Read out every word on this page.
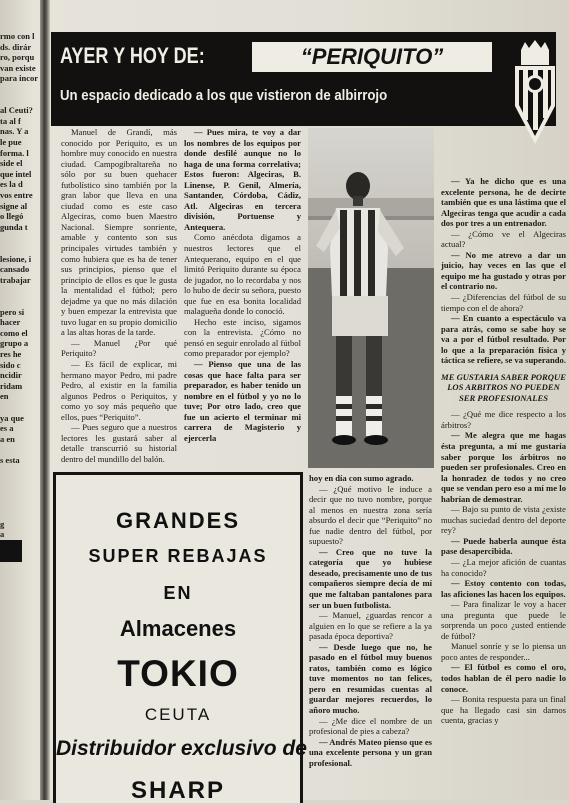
rmo con l
ds. dirár
ro, porqu
van existe
para incor
al Ceuti?
ta al f
nas. Y a
le pue
forma. l
side el
que intel
es la d
vos entre
signe al
o llegó
gunda t
lesione, i
cansado
trabajar
pero si
hacer
como el
grupo a
res he
sido c
ncidir
ridam
en
ya que
es a
a en
s esta
g
a
AYER Y HOY DE:	“PERIQUITO”
Un espacio dedicado a los que vistieron de albirrojo

Manuel de Grandí, más conocido por Periquito, es un hombre muy conocido en nuestra ciudad. Campogibraltareña no sólo por su buen quehacer futbolístico sino también por la gran labor que lleva en una ciudad como es este caso Algeciras, como buen Maestro Nacional. Siempre sonriente, amable y contento son sus principales virtudes también y como hubiera que es ha de tener sus principios, pienso que el principio de ellos es que le gusta la mentalidad el fútbol; pero dejadme ya que no más dilación y buen empezar la entrevista que tuvo lugar en su propio domicilio a las altas horas de la tarde.

— Manuel ¿Por qué Periquito?

— Es fácil de explicar, mi hermano mayor Pedro, mi padre Pedro, al existir en la familia algunos Pedros o Periquitos, y como yo soy más pequeño que ellos, pues “Periquito”.

— Pues seguro que a nuestros lectores les gustará saber al detalle transcurrió su historial dentro del mundillo del balón.

— Pues mira, te voy a dar los nombres de los equipos por donde desfilé aunque no lo haga de una forma correlativa; Estos fueron: Algeciras, B. Linense, P. Genil, Almería, Santander, Córdoba, Cádiz, Atl. Algeciras en tercera división, Portuense y Antequera.

Como anécdota digamos a nuestros lectores que el Antequerano, equipo en el que limitó Periquito durante su época de jugador, no lo recordaba y nos lo hubo de decir su señora, puesto que fue en esa bonita localidad malagueña donde lo conoció.

Hecho este inciso, sigamos con la entrevista. ¿Cómo no pensó en seguir enrolado al fútbol como preparador por ejemplo?

— Pienso que una de las cosas que hace falta para ser preparador, es haber tenido un nombre en el fútbol y yo no lo tuve; Por otro lado, creo que fue un acierto el terminar mi carrera de Magisterio y ejercerla

hoy en día con sumo agrado.

— ¿Qué motivo le induce a decir que no tuvo nombre, porque al menos en nuestra zona sería absurdo el decir que “Periquito” no fue nadie dentro del fútbol, por supuesto?

— Creo que no tuve la categoría que yo hubiese deseado, precisamente uno de tus compañeros siempre decía de mí que me faltaban pantalones para ser un buen futbolista.

— Manuel, ¿guardas rencor a alguien en lo que se refiere a la ya pasada época deportiva?

— Desde luego que no, he pasado en el fútbol muy buenos ratos, también como es lógico tuve momentos no tan felices, pero en resumidas cuentas al guardar mejores recuerdos, lo añoro mucho.

— ¿Me dice el nombre de un profesional de pies a cabeza?

— Andrés Mateo pienso que es una excelente persona y un gran profesional.

— Ya he dicho que es una excelente persona, he de decirte también que es una lástima que el Algeciras tenga que acudir a cada dos por tres a un entrenador.

— ¿Cómo ve el Algeciras actual?

— No me atrevo a dar un juicio, hay veces en las que el equipo me ha gustado y otras por el contrario no.

— ¿Diferencias del fútbol de su tiempo con el de ahora?

— En cuanto a espectáculo va para atrás, como se sabe hoy se va a por el fútbol resultado. Por lo que a la preparación física y táctica se refiere, se va superando.

ME GUSTARIA SABER PORQUE LOS ARBITROS NO PUEDEN SER PROFESIONALES

— ¿Qué me dice respecto a los árbitros?

— Me alegra que me hagas ésta pregunta, a mí me gustaría saber porque los árbitros no pueden ser profesionales. Creo en la honradez de todos y no creo que se vendan pero eso a mí me lo habrían de demostrar.

— Bajo su punto de vista ¿existe muchas suciedad dentro del deporte rey?

— Puede haberla aunque ésta pase desapercibida.

— ¿La mejor afición de cuantas ha conocido?

— Estoy contento con todas, las aficiones las hacen los equipos.

— Para finalizar le voy a hacer una pregunta que puede le sorprenda un poco ¿usted entiende de fútbol?

Manuel sonríe y se lo piensa un poco antes de responder...

— El fútbol es como el oro, todos hablan de él pero nadie lo conoce.

— Bonita respuesta para un final que ha llegado casi sin darnos cuenta, gracias y

GRANDES
SUPER REBAJAS
EN
Almacenes
TOKIO
CEUTA
Distribuidor exclusivo de
SHARP
